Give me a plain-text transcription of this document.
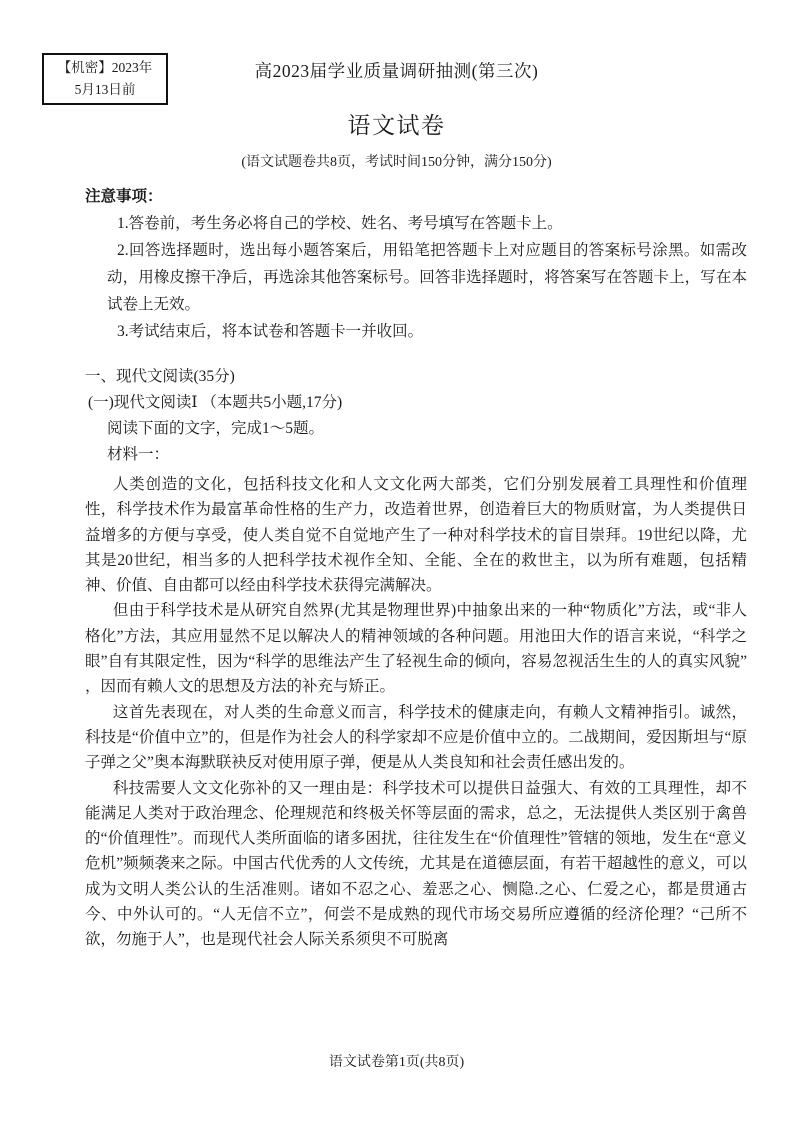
【机密】2023年
5月13日前
高2023届学业质量调研抽测(第三次)
语文试卷
(语文试题卷共8页，考试时间150分钟，满分150分)
注意事项：
1.答卷前，考生务必将自己的学校、姓名、考号填写在答题卡上。
2.回答选择题时，选出每小题答案后，用铅笔把答题卡上对应题目的答案标号涂黑。如需改动，用橡皮擦干净后，再选涂其他答案标号。回答非选择题时，将答案写在答题卡上，写在本试卷上无效。
3.考试结束后，将本试卷和答题卡一并收回。
一、现代文阅读(35分)
(一)现代文阅读Ⅰ （本题共5小题,17分)
阅读下面的文字，完成1～5题。
材料一：
人类创造的文化，包括科技文化和人文文化两大部类，它们分别发展着工具理性和价值理性，科学技术作为最富革命性格的生产力，改造着世界，创造着巨大的物质财富，为人类提供日益增多的方便与享受，使人类自觉不自觉地产生了一种对科学技术的盲目崇拜。19世纪以降，尤其是20世纪，相当多的人把科学技术视作全知、全能、全在的救世主，以为所有难题，包括精神、价值、自由都可以经由科学技术获得完满解决。
但由于科学技术是从研究自然界(尤其是物理世界)中抽象出来的一种“物质化”方法，或“非人格化”方法，其应用显然不足以解决人的精神领域的各种问题。用池田大作的语言来说，“科学之眼”自有其限定性，因为“科学的思维法产生了轻视生命的倾向，容易忽视活生生的人的真实风貌”　 ，因而有赖人文的思想及方法的补充与矫正。
这首先表现在，对人类的生命意义而言，科学技术的健康走向，有赖人文精神指引。诚然，科技是“价值中立”的，但是作为社会人的科学家却不应是价值中立的。二战期间，爱因斯坦与“原子弹之父”奥本海默联袂反对使用原子弹，便是从人类良知和社会责任感出发的。
科技需要人文文化弥补的又一理由是：科学技术可以提供日益强大、有效的工具理性，却不能满足人类对于政治理念、伦理规范和终极关怀等层面的需求，总之，无法提供人类区别于禽兽的“价值理性”。而现代人类所面临的诸多困扰，往往发生在“价值理性”管辖的领地，发生在“意义危机”频频袭来之际。中国古代优秀的人文传统，尤其是在道德层面，有若干超越性的意义，可以成为文明人类公认的生活准则。诸如不忍之心、羞恶之心、恻隐.之心、仁爱之心，都是贯通古今、中外认可的。“人无信不立”，何尝不是成熟的现代市场交易所应遵循的经济伦理？“己所不欲，勿施于人”，也是现代社会人际关系须臾不可脱离
语文试卷第1页(共8页)
